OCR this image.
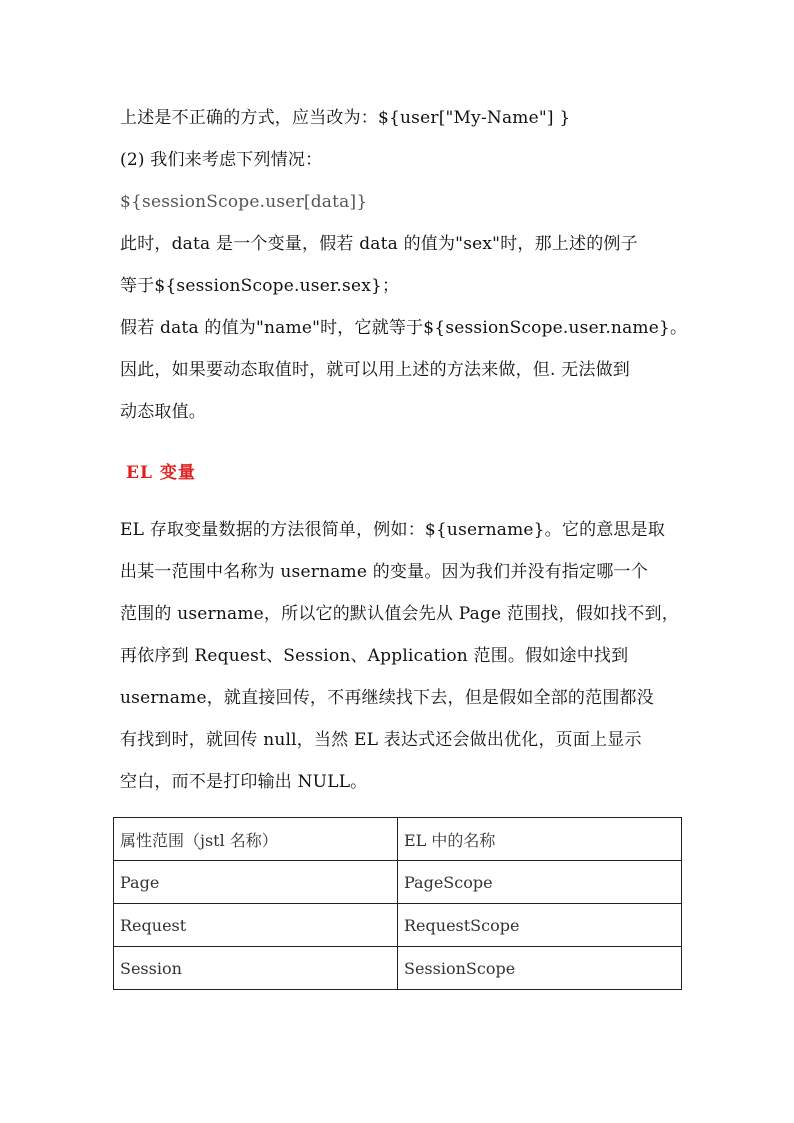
上述是不正确的方式，应当改为：${user["My-Name"] }
(2) 我们来考虑下列情况：
${sessionScope.user[data]}
此时，data 是一个变量，假若 data 的值为"sex"时，那上述的例子
等于${sessionScope.user.sex}；
假若 data 的值为"name"时，它就等于${sessionScope.user.name}。
因此，如果要动态取值时，就可以用上述的方法来做，但. 无法做到
动态取值。
EL 变量
EL 存取变量数据的方法很简单，例如：${username}。它的意思是取
出某一范围中名称为 username 的变量。因为我们并没有指定哪一个
范围的 username，所以它的默认值会先从 Page 范围找，假如找不到，
再依序到 Request、Session、Application 范围。假如途中找到
username，就直接回传，不再继续找下去，但是假如全部的范围都没
有找到时，就回传 null，当然 EL 表达式还会做出优化，页面上显示
空白，而不是打印输出 NULL。
属性范围（jstl 名称）	EL 中的名称
Page	PageScope
Request	RequestScope
Session	SessionScope
